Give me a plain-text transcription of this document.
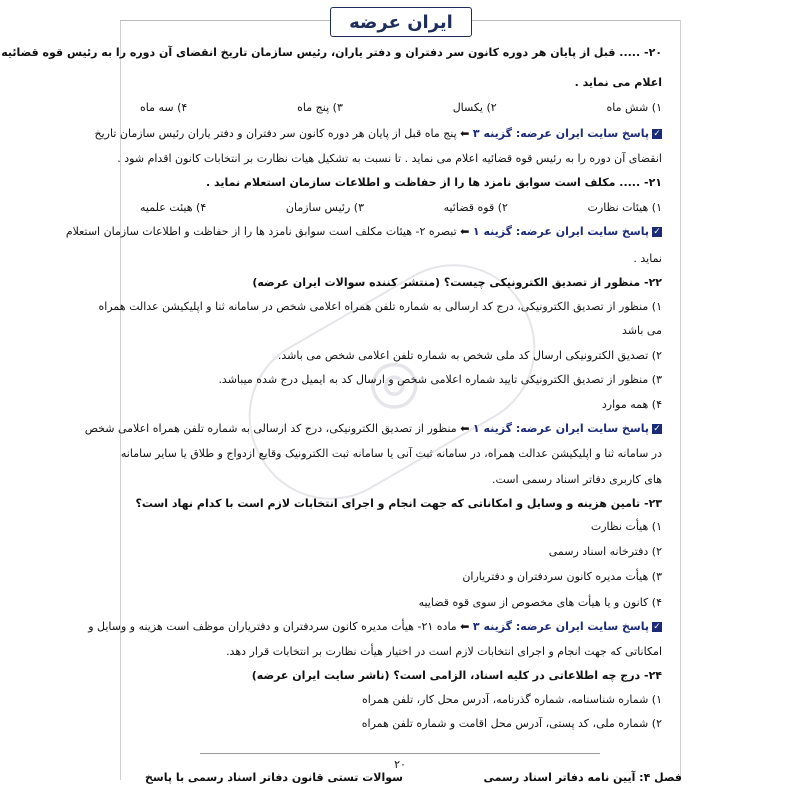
ایران عرضه
◎
۲۰- ..... قبل از پایان هر دوره کانون سر دفتران و دفتر یاران، رئیس سازمان تاریخ انقضای آن دوره را به رئیس قوه قضائیه
اعلام می نماید .
۱) شش ماه
۲) یکسال
۳) پنج ماه
۴) سه ماه
✓پاسخ سایت ایران عرضه: گزینه ۳ ⬅ پنج ماه قبل از پایان هر دوره کانون سر دفتران و دفتر یاران رئیس سازمان تاریخ
انقضای آن دوره را به رئیس قوه قضائیه اعلام می نماید . تا نسبت به تشکیل هیات نظارت بر انتخابات کانون اقدام شود .
۲۱- ..... مکلف است سوابق نامزد ها را از حفاظت و اطلاعات سازمان استعلام نماید .
۱) هیئات نظارت
۲) قوه قضائیه
۳) رئیس سازمان
۴) هیئت علمیه
✓پاسخ سایت ایران عرضه: گزینه ۱ ⬅ تبصره ۲- هیئات مکلف است سوابق نامزد ها را از حفاظت و اطلاعات سازمان استعلام
نماید .
۲۲- منظور از تصدیق الکترونیکی چیست؟ (منتشر کننده سوالات ایران عرضه)
۱) منظور از تصدیق الکترونیکی، درج کد ارسالی به شماره تلفن همراه اعلامی شخص در سامانه ثنا و اپلیکیشن عدالت همراه
می باشد
۲) تصدیق الکترونیکی ارسال کد ملی شخص به شماره تلفن اعلامی شخص می باشد.
۳) منظور از تصدیق الکترونیکی تایید شماره اعلامی شخص و ارسال کد به ایمیل درج شده میباشد.
۴) همه موارد
✓پاسخ سایت ایران عرضه: گزینه ۱ ⬅ منظور از تصدیق الکترونیکی، درج کد ارسالی به شماره تلفن همراه اعلامی شخص
در سامانه ثنا و اپلیکیشن عدالت همراه، در سامانه ثبت آنی یا سامانه ثبت الکترونیک وقایع ازدواج و طلاق یا سایر سامانه
های کاربری دفاتر اسناد رسمی است.
۲۳- تامین هزینه و وسایل و امکاناتی که جهت انجام و اجرای انتخابات لازم است با کدام نهاد است؟
۱) هیأت نظارت
۲) دفترخانه اسناد رسمی
۳) هیأت مدیره کانون سردفتران و دفترياران
۴) کانون و یا هیأت های مخصوص از سوی قوه قضاییه
✓پاسخ سایت ایران عرضه: گزینه ۳ ⬅ ماده ۲۱- هیأت مدیره کانون سردفتران و دفترياران موظف است هزینه و وسایل و
امکاناتی که جهت انجام و اجرای انتخابات لازم است در اختیار هیأت نظارت بر انتخابات قرار دهد.
۲۴- درج چه اطلاعاتی در کلیه اسناد، الزامی است؟ (ناشر سایت ایران عرضه)
۱) شماره شناسنامه، شماره گذرنامه، آدرس محل کار، تلفن همراه
۲) شماره ملی، کد پستی، آدرس محل اقامت و شماره تلفن همراه
۲۰
فصل ۴: آیین نامه دفاتر اسناد رسمی
سوالات تستی قانون دفاتر اسناد رسمی با پاسخ
